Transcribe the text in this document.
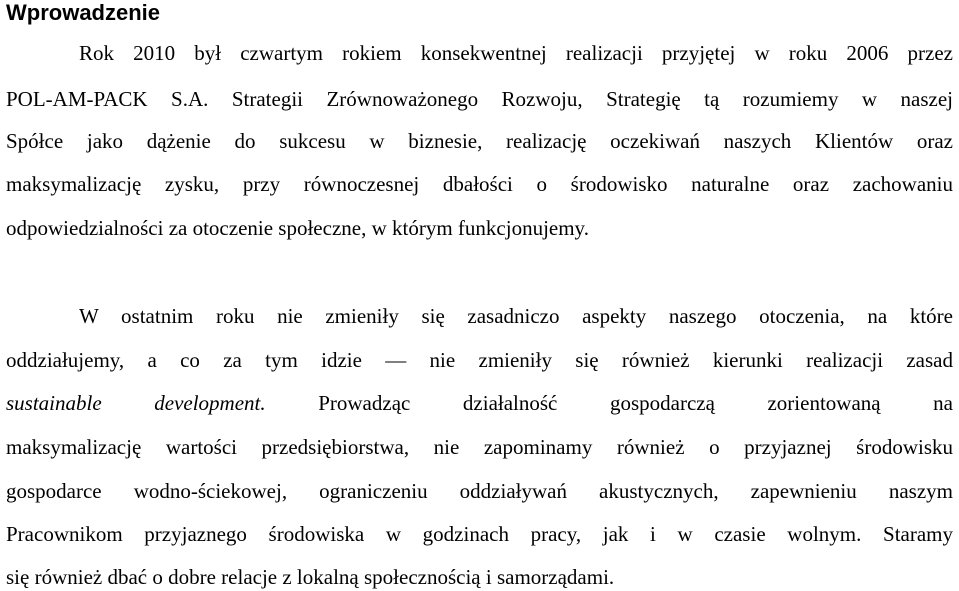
Wprowadzenie

Rok 2010 był czwartym rokiem konsekwentnej realizacji przyjętej w roku 2006 przez

POL-AM-PACK S.A. Strategii Zrównoważonego Rozwoju, Strategię tą rozumiemy w naszej

Spółce jako dążenie do sukcesu w biznesie, realizację oczekiwań naszych Klientów oraz

maksymalizację zysku, przy równoczesnej dbałości o środowisko naturalne oraz zachowaniu

odpowiedzialności za otoczenie społeczne, w którym funkcjonujemy.

W ostatnim roku nie zmieniły się zasadniczo aspekty naszego otoczenia, na które

oddziałujemy, a co za tym idzie — nie zmieniły się również kierunki realizacji zasad

sustainable development.	Prowadząc działalność gospodarczą zorientowaną na

maksymalizację wartości przedsiębiorstwa, nie zapominamy również o przyjaznej środowisku

gospodarce wodno-ściekowej, ograniczeniu oddziaływań akustycznych, zapewnieniu naszym

Pracownikom przyjaznego środowiska w godzinach pracy, jak i w czasie wolnym. Staramy

się również dbać o dobre relacje z lokalną społecznością i samorządami.
